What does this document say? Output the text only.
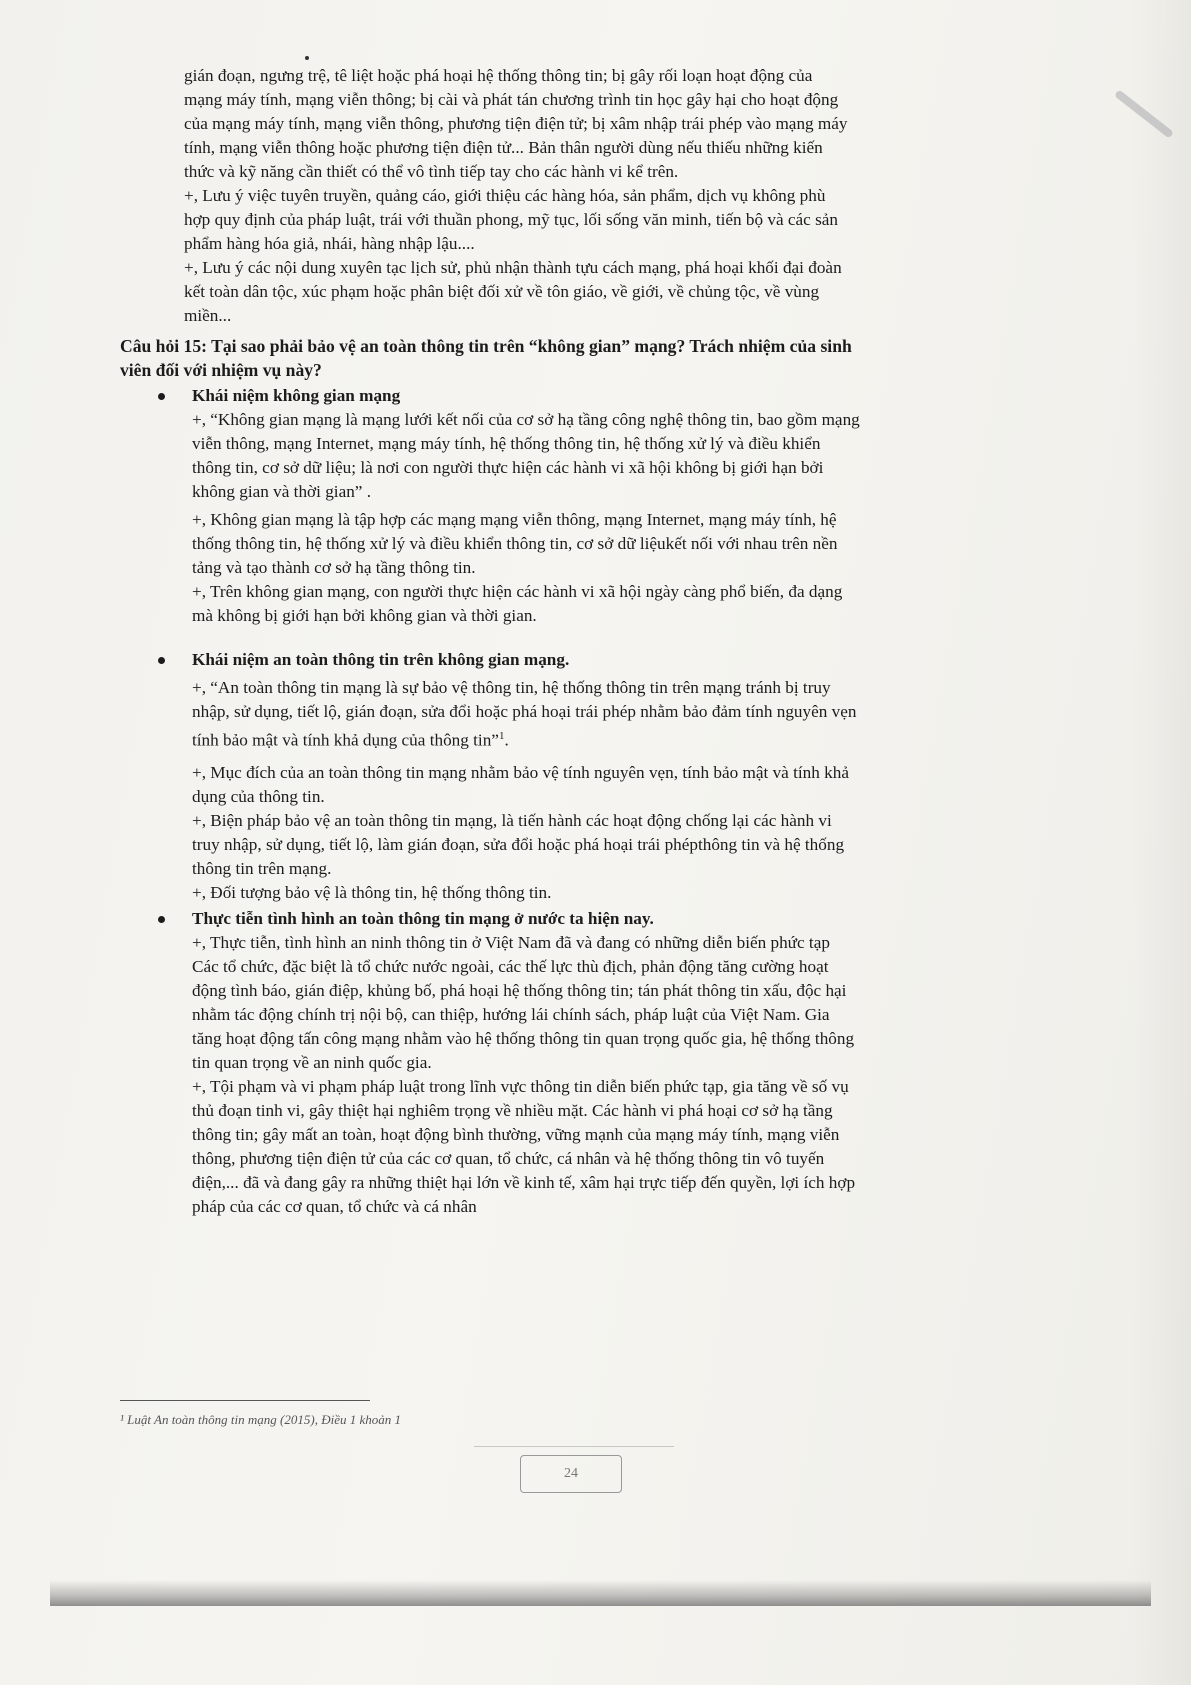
gián đoạn, ngưng trệ, tê liệt hoặc phá hoại hệ thống thông tin; bị gây rối loạn hoạt động của

mạng máy tính, mạng viễn thông; bị cài và phát tán chương trình tin học gây hại cho hoạt động

của mạng máy tính, mạng viễn thông, phương tiện điện tử; bị xâm nhập trái phép vào mạng máy

tính, mạng viễn thông hoặc phương tiện điện tử... Bản thân người dùng nếu thiếu những kiến

thức và kỹ năng cần thiết có thể vô tình tiếp tay cho các hành vi kể trên.

+, Lưu ý việc tuyên truyền, quảng cáo, giới thiệu các hàng hóa, sản phẩm, dịch vụ không phù

hợp quy định của pháp luật, trái với thuần phong, mỹ tục, lối sống văn minh, tiến bộ và các sản

phẩm hàng hóa giả, nhái, hàng nhập lậu....

+, Lưu ý các nội dung xuyên tạc lịch sử, phủ nhận thành tựu cách mạng, phá hoại khối đại đoàn

kết toàn dân tộc, xúc phạm hoặc phân biệt đối xử về tôn giáo, về giới, về chủng tộc, về vùng

miền...

Câu hỏi 15: Tại sao phải bảo vệ an toàn thông tin trên “không gian” mạng? Trách nhiệm của sinh

viên đối với nhiệm vụ này?

Khái niệm không gian mạng

+, “Không gian mạng là mạng lưới kết nối của cơ sở hạ tầng công nghệ thông tin, bao gồm mạng

viễn thông, mạng Internet, mạng máy tính, hệ thống thông tin, hệ thống xử lý và điều khiển

thông tin, cơ sở dữ liệu; là nơi con người thực hiện các hành vi xã hội không bị giới hạn bởi

không gian và thời gian” .

+, Không gian mạng là tập hợp các mạng mạng viễn thông, mạng Internet, mạng máy tính, hệ

thống thông tin, hệ thống xử lý và điều khiển thông tin, cơ sở dữ liệukết nối với nhau trên nền

tảng và tạo thành cơ sở hạ tầng thông tin.

+, Trên không gian mạng, con người thực hiện các hành vi xã hội ngày càng phổ biến, đa dạng

mà không bị giới hạn bởi không gian và thời gian.

Khái niệm an toàn thông tin trên không gian mạng.

+, “An toàn thông tin mạng là sự bảo vệ thông tin, hệ thống thông tin trên mạng tránh bị truy

nhập, sử dụng, tiết lộ, gián đoạn, sửa đổi hoặc phá hoại trái phép nhằm bảo đảm tính nguyên vẹn

tính bảo mật và tính khả dụng của thông tin”$^1$.

+, Mục đích của an toàn thông tin mạng nhằm bảo vệ tính nguyên vẹn, tính bảo mật và tính khả

dụng của thông tin.

+, Biện pháp bảo vệ an toàn thông tin mạng, là tiến hành các hoạt động chống lại các hành vi

truy nhập, sử dụng, tiết lộ, làm gián đoạn, sửa đổi hoặc phá hoại trái phépthông tin và hệ thống

thông tin trên mạng.

+, Đối tượng bảo vệ là thông tin, hệ thống thông tin.

Thực tiễn tình hình an toàn thông tin mạng ở nước ta hiện nay.

+, Thực tiễn, tình hình an ninh thông tin ở Việt Nam đã và đang có những diễn biến phức tạp

Các tổ chức, đặc biệt là tổ chức nước ngoài, các thế lực thù địch, phản động tăng cường hoạt

động tình báo, gián điệp, khủng bố, phá hoại hệ thống thông tin; tán phát thông tin xấu, độc hại

nhằm tác động chính trị nội bộ, can thiệp, hướng lái chính sách, pháp luật của Việt Nam. Gia

tăng hoạt động tấn công mạng nhằm vào hệ thống thông tin quan trọng quốc gia, hệ thống thông

tin quan trọng về an ninh quốc gia.

+, Tội phạm và vi phạm pháp luật trong lĩnh vực thông tin diễn biến phức tạp, gia tăng về số vụ

thủ đoạn tinh vi, gây thiệt hại nghiêm trọng về nhiều mặt. Các hành vi phá hoại cơ sở hạ tầng

thông tin; gây mất an toàn, hoạt động bình thường, vững mạnh của mạng máy tính, mạng viễn

thông, phương tiện điện tử của các cơ quan, tổ chức, cá nhân và hệ thống thông tin vô tuyến

điện,... đã và đang gây ra những thiệt hại lớn về kinh tế, xâm hại trực tiếp đến quyền, lợi ích hợp

pháp của các cơ quan, tổ chức và cá nhân

¹ Luật An toàn thông tin mạng (2015), Điều 1 khoản 1
24
